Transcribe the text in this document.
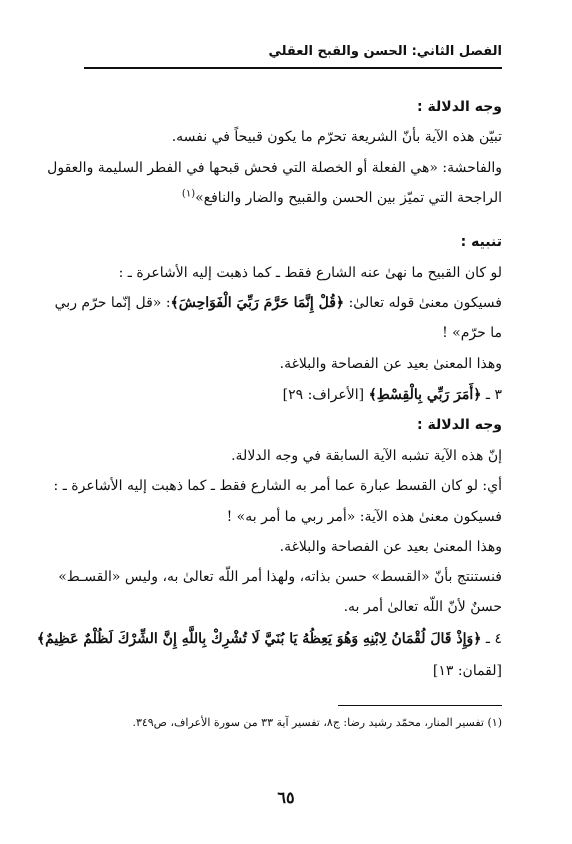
الفصل الثاني: الحسن والقبح العقلي
وجه الدلالة :
تبيّن هذه الآية بأنّ الشريعة تحرّم ما يكون قبيحاً في نفسه.
والفاحشة: «هي الفعلة أو الخصلة التي فحش قبحها في الفطر السليمة والعقول
الراجحة التي تميّز بين الحسن والقبيح والضار والنافع»$^{(١)}$
تنبيه :
لو كان القبيح ما نهىٰ عنه الشارع فقط ـ كما ذهبت إليه الأشاعرة ـ :
فسيكون معنىٰ قوله تعالىٰ: ﴿قُلْ إِنَّمَا حَرَّمَ رَبِّيَ الْفَوَاحِشَ﴾: «قل إنّما حرّم ربي
ما حرّم» !
وهذا المعنىٰ بعيد عن الفصاحة والبلاغة.
٣ ـ ﴿أَمَرَ رَبِّي بِالْقِسْطِ﴾ [الأعراف: ٢٩]
وجه الدلالة :
إنّ هذه الآية تشبه الآية السابقة في وجه الدلالة.
أي: لو كان القسط عبارة عما أمر به الشارع فقط ـ كما ذهبت إليه الأشاعرة ـ :
فسيكون معنىٰ هذه الآية: «أمر ربي ما أمر به» !
وهذا المعنىٰ بعيد عن الفصاحة والبلاغة.
فنستنتج بأنّ «القسط» حسن بذاته، ولهذا أمر اللّه تعالىٰ به، وليس «القسـط»
حسنٌ لأنّ اللّه تعالىٰ أمر به.
٤ ـ ﴿وَإِذْ قَالَ لُقْمَانُ لِابْنِهِ وَهُوَ يَعِظُهُ يَا بُنَيَّ لَا تُشْرِكْ بِاللَّهِ إِنَّ الشِّرْكَ لَظُلْمٌ عَظِيمٌ﴾
[لقمان: ١٣]
(١) تفسير المنار، محمّد رشيد رضا: ج٨، تفسير آية ٣٣ من سورة الأعراف، ص٣٤٩.
٦٥
